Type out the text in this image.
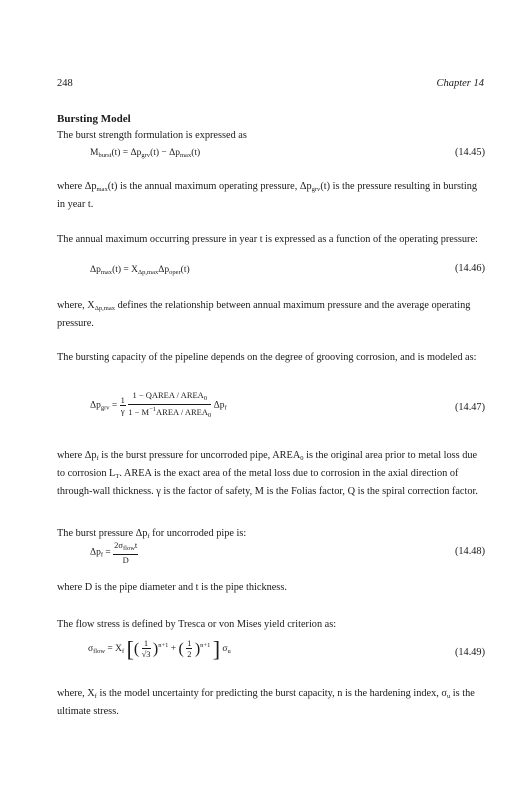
248	Chapter 14
Bursting Model
The burst strength formulation is expressed as
$M_{burst}(t) = \Delta p_{grv}(t) - \Delta p_{max}(t)$	(14.45)
where $\Delta p_{max}(t)$ is the annual maximum operating pressure, $\Delta p_{grv}(t)$ is the pressure resulting in bursting in year t.
The annual maximum occurring pressure in year t is expressed as a function of the operating pressure:
$\Delta p_{max}(t) = X_{\Delta p,max}\Delta p_{oper}(t)$	(14.46)
where, $X_{\Delta p,max}$ defines the relationship between annual maximum pressure and the average operating pressure.
The bursting capacity of the pipeline depends on the degree of grooving corrosion, and is modeled as:
$\Delta p_{grv} = \frac{1}{\gamma}$
$\frac{1 - QAREA / AREA_0}{1 - M^{-1}AREA / AREA_0} \Delta p_f$	(14.47)
where $\Delta p_f$ is the burst pressure for uncorroded pipe, $AREA_0$ is the original area prior to metal loss due to corrosion $L_T$. AREA is the exact area of the metal loss due to corrosion in the axial direction of through-wall thickness. γ is the factor of safety, M is the Folias factor, Q is the spiral correction factor.
The burst pressure $\Delta p_f$ for uncorroded pipe is:
$\Delta p_f = \frac{2\sigma_{flow}t}{D}$	(14.48)
where D is the pipe diameter and t is the pipe thickness.
The flow stress is defined by Tresca or von Mises yield criterion as:
$\sigma_{flow} = X_f$ [( $\frac{1}{√3} )^{n+1}$ + ( $\frac{1}{2} )^{n+1}$ ] $\sigma_u$	(14.49)
where, $X_f$ is the model uncertainty for predicting the burst capacity, n is the hardening index, $\sigma_u$ is the ultimate stress.
